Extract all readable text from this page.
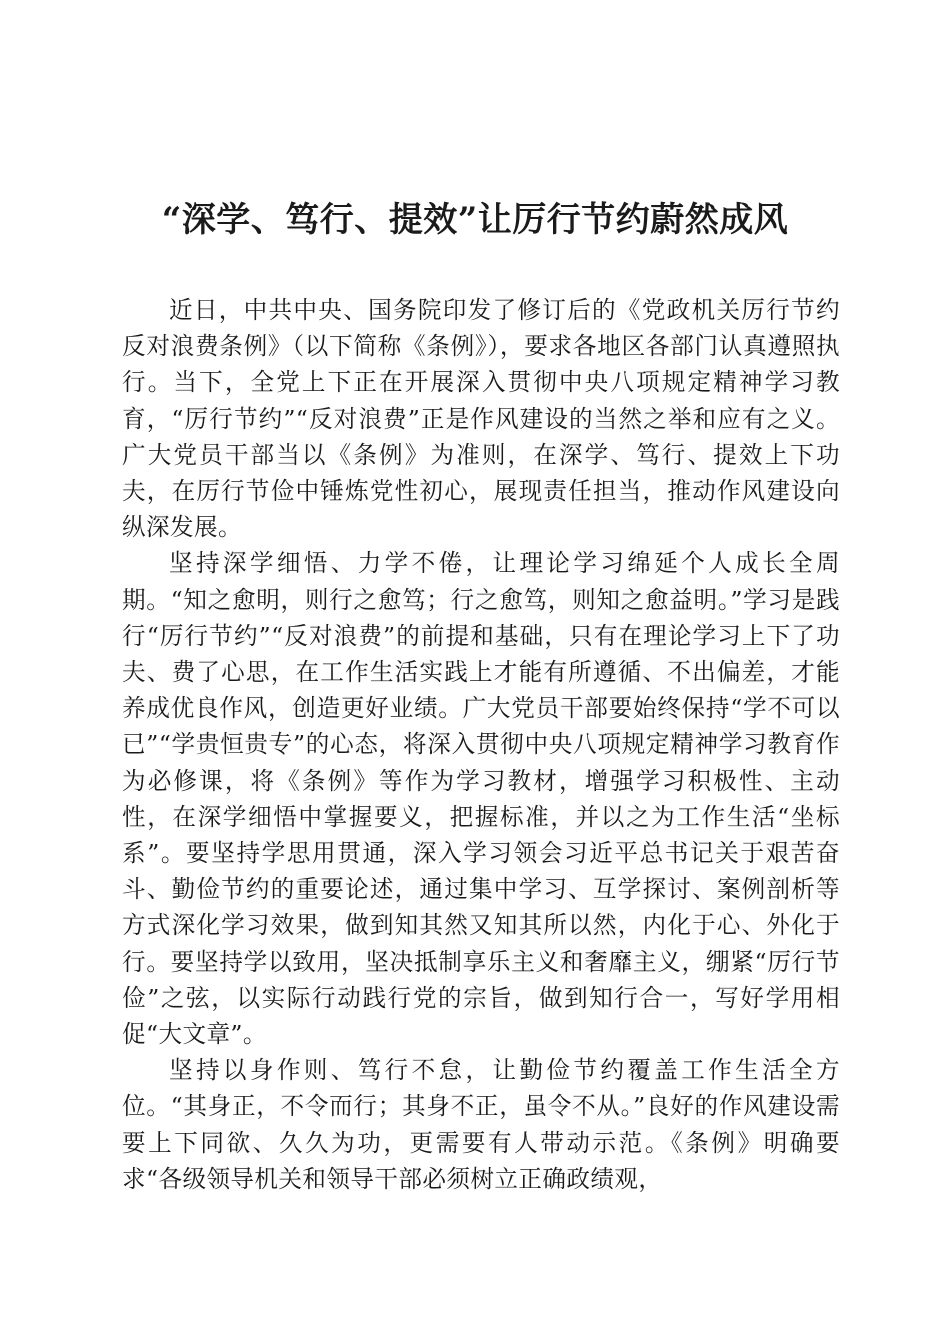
“深学、笃行、提效”让厉行节约蔚然成风

近日，中共中央、国务院印发了修订后的《党政机关厉行节约反对浪费条例》（以下简称《条例》），要求各地区各部门认真遵照执行。当下，全党上下正在开展深入贯彻中央八项规定精神学习教育，“厉行节约”“反对浪费”正是作风建设的当然之举和应有之义。广大党员干部当以《条例》为准则，在深学、笃行、提效上下功夫，在厉行节俭中锤炼党性初心，展现责任担当，推动作风建设向纵深发展。

坚持深学细悟、力学不倦，让理论学习绵延个人成长全周期。“知之愈明，则行之愈笃；行之愈笃，则知之愈益明。”学习是践行“厉行节约”“反对浪费”的前提和基础，只有在理论学习上下了功夫、费了心思，在工作生活实践上才能有所遵循、不出偏差，才能养成优良作风，创造更好业绩。广大党员干部要始终保持“学不可以已”“学贵恒贵专”的心态，将深入贯彻中央八项规定精神学习教育作为必修课，将《条例》等作为学习教材，增强学习积极性、主动性，在深学细悟中掌握要义，把握标准，并以之为工作生活“坐标系”。要坚持学思用贯通，深入学习领会习近平总书记关于艰苦奋斗、勤俭节约的重要论述，通过集中学习、互学探讨、案例剖析等方式深化学习效果，做到知其然又知其所以然，内化于心、外化于行。要坚持学以致用，坚决抵制享乐主义和奢靡主义，绷紧“厉行节俭”之弦，以实际行动践行党的宗旨，做到知行合一，写好学用相促“大文章”。

坚持以身作则、笃行不怠，让勤俭节约覆盖工作生活全方位。“其身正，不令而行；其身不正，虽令不从。”良好的作风建设需要上下同欲、久久为功，更需要有人带动示范。《条例》明确要求“各级领导机关和领导干部必须树立正确政绩观，
